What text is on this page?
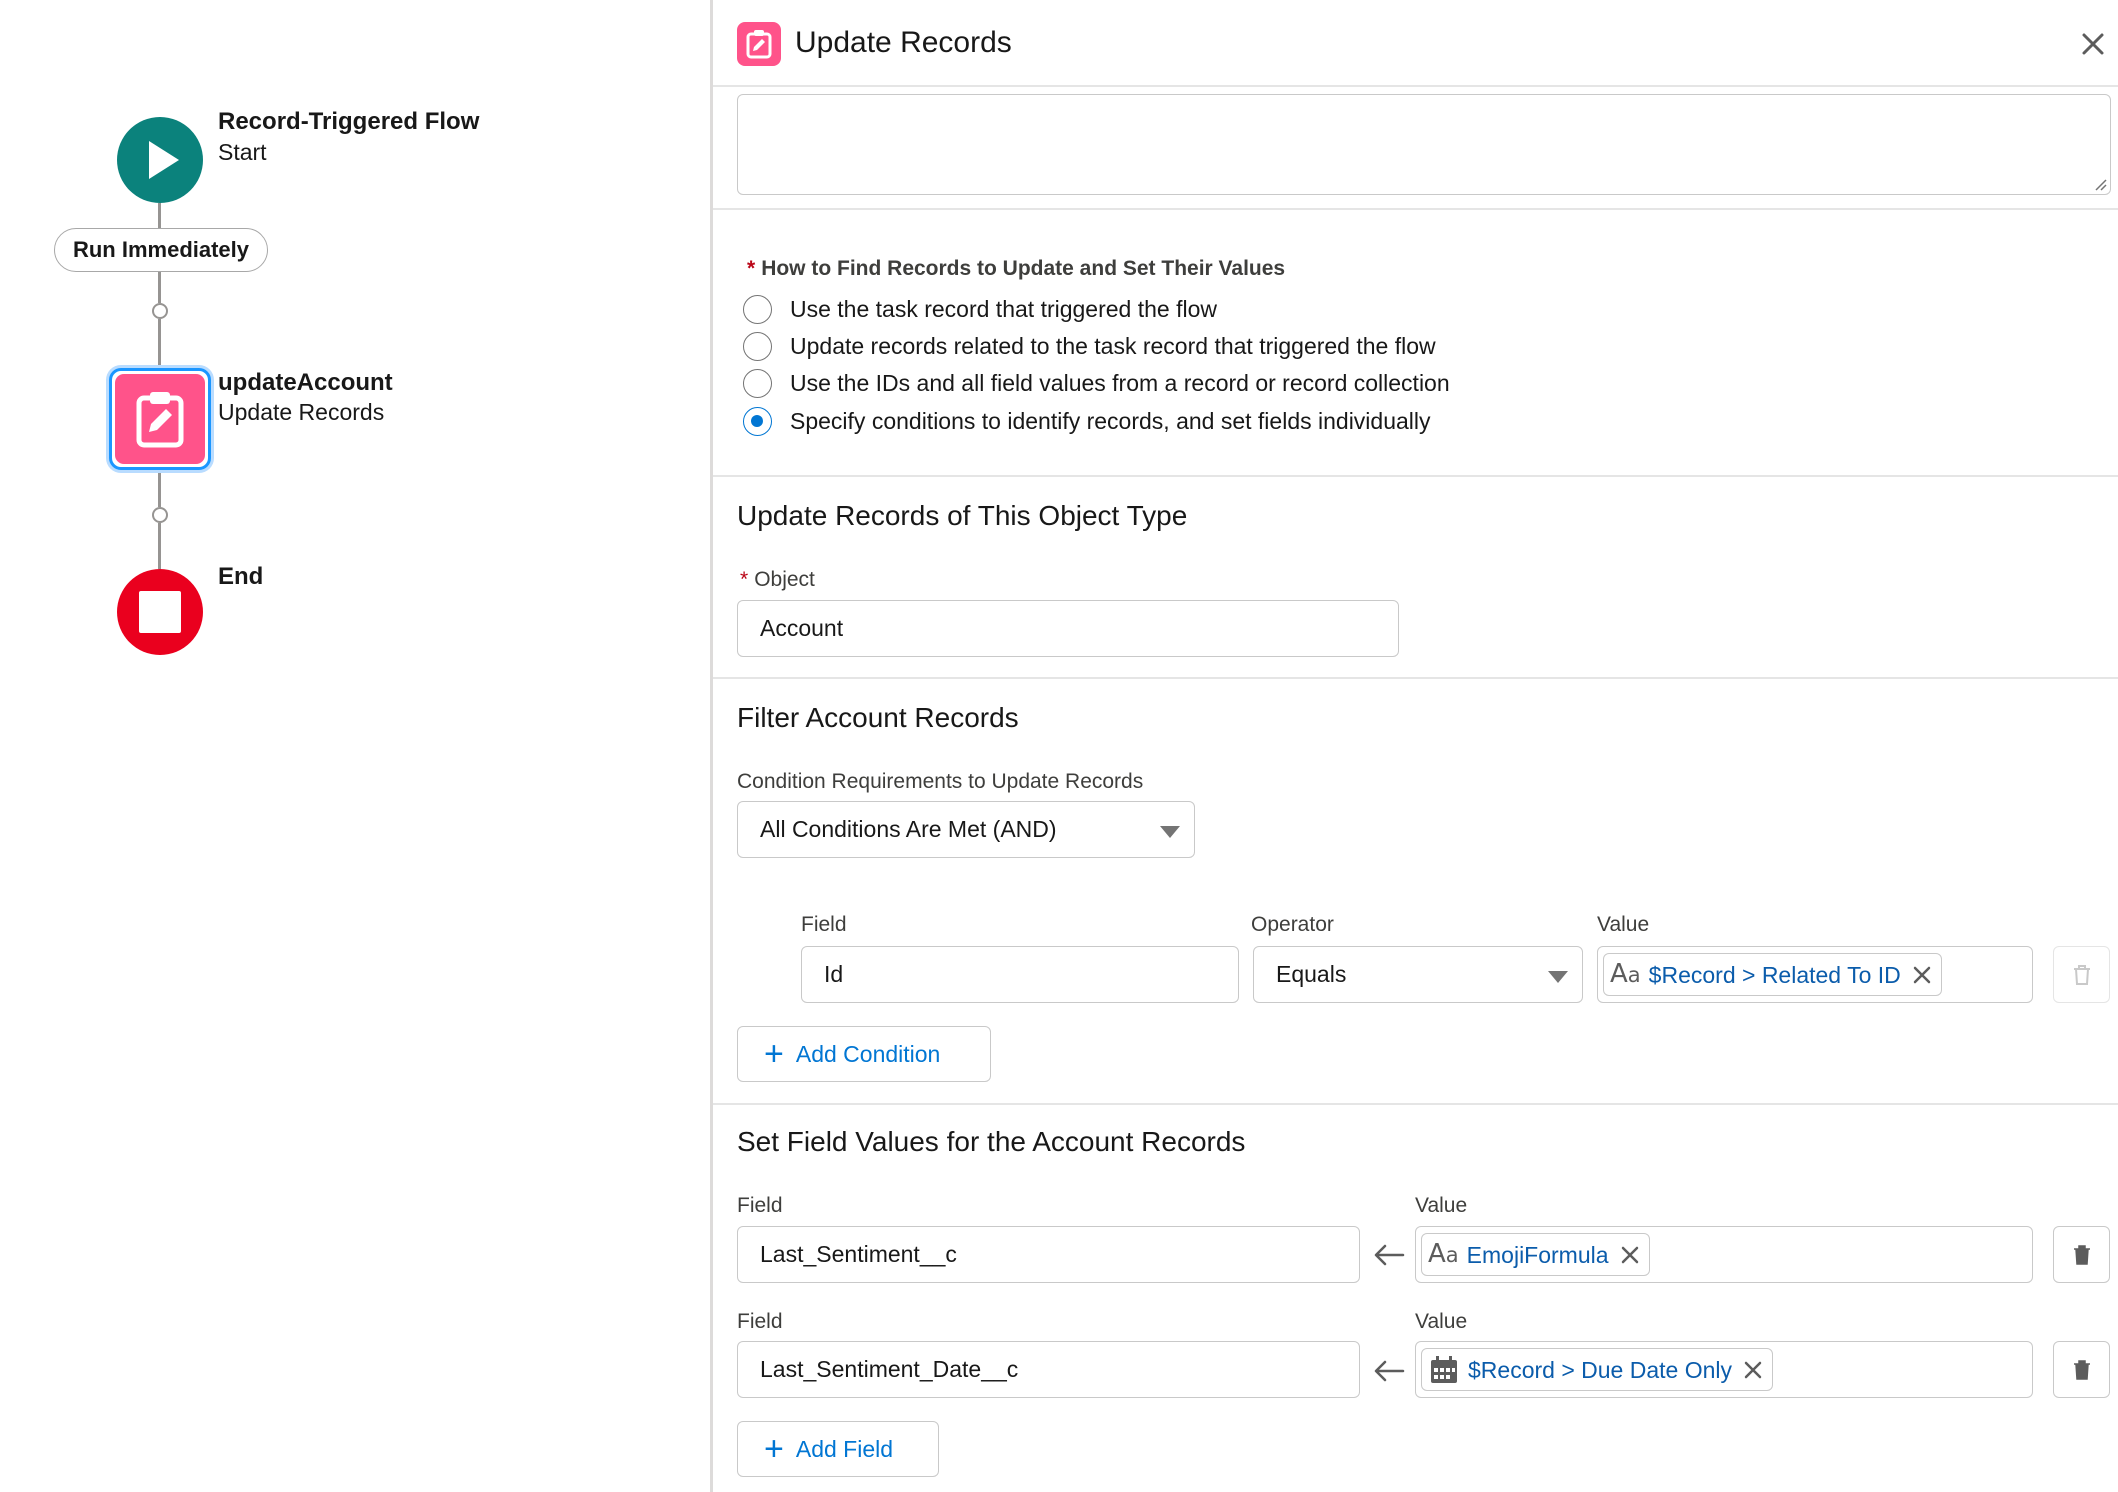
Record-Triggered Flow
Start
Run Immediately
updateAccount
Update Records
End
Update Records
* How to Find Records to Update and Set Their Values
Use the task record that triggered the flow
Update records related to the task record that triggered the flow
Use the IDs and all field values from a record or record collection
Specify conditions to identify records, and set fields individually
Update Records of This Object Type
* Object
Account
Filter Account Records
Condition Requirements to Update Records
All Conditions Are Met (AND)
Field	Operator	Value
Id	Equals	Aa $Record > Related To ID
+ Add Condition
Set Field Values for the Account Records
Field	Value
Last_Sentiment__c	Aa EmojiFormula
Field	Value
Last_Sentiment_Date__c	$Record > Due Date Only
+ Add Field
